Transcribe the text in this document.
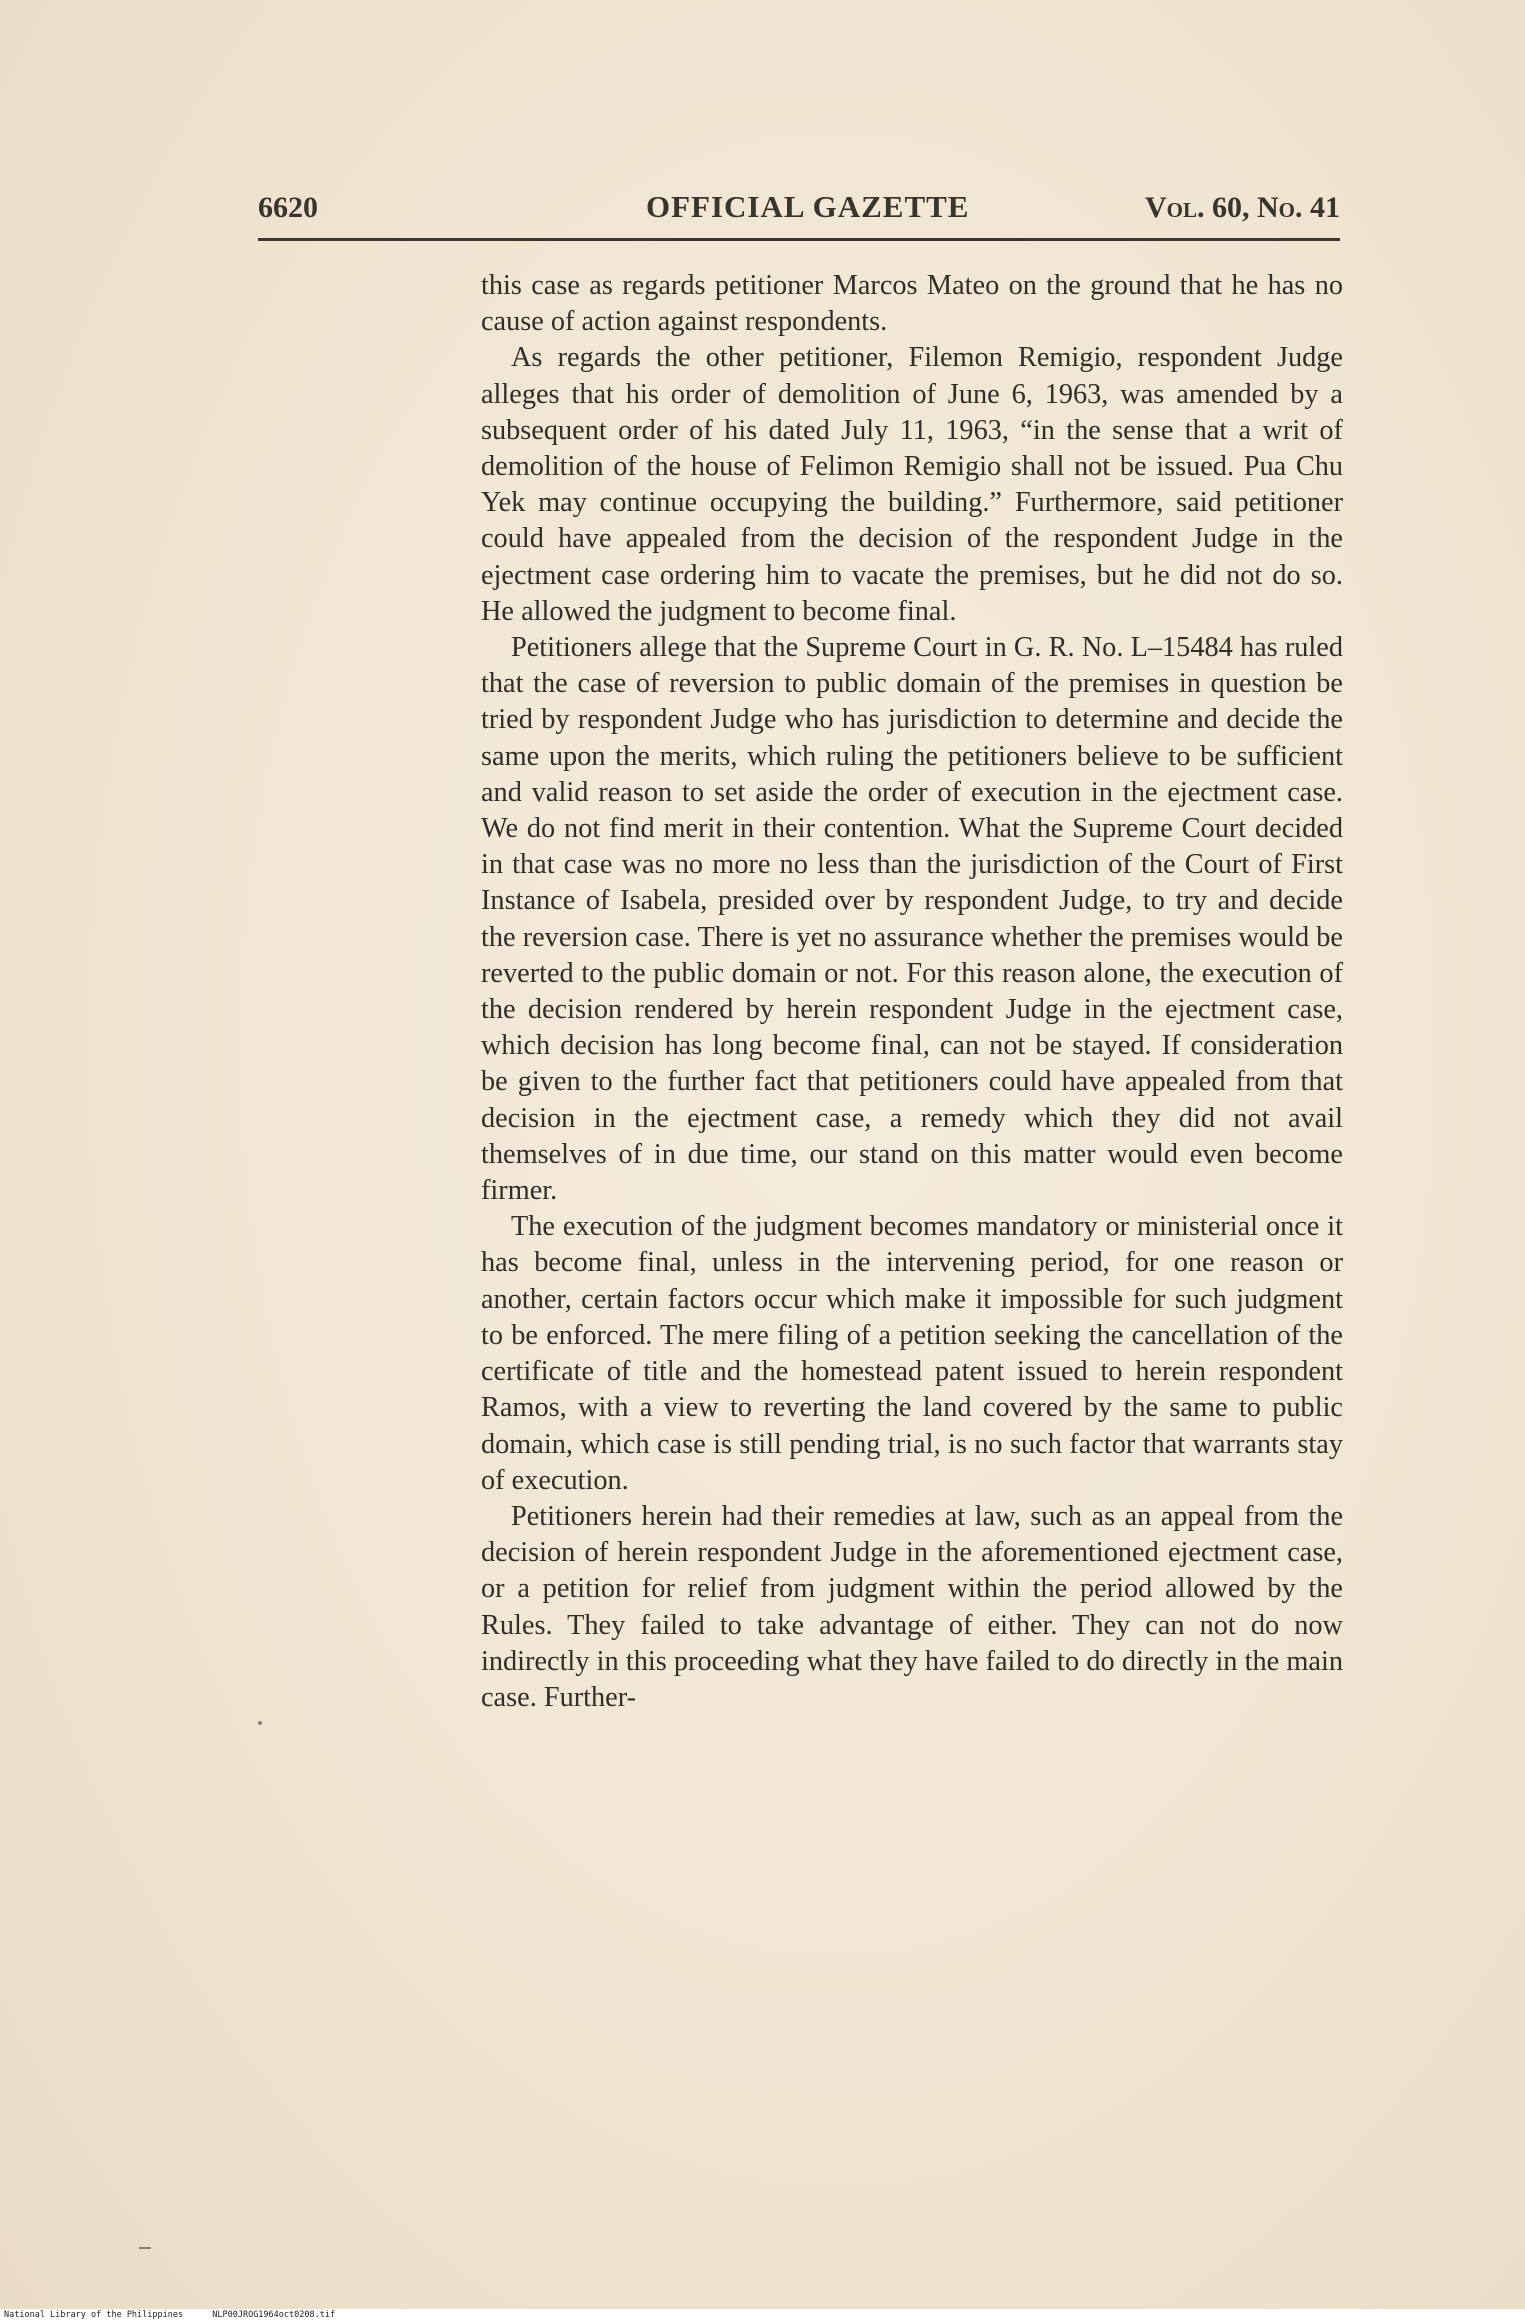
6620	OFFICIAL GAZETTE	Vol. 60, No. 41

this case as regards petitioner Marcos Mateo on the ground that he has no cause of action against respondents.

As regards the other petitioner, Filemon Remigio, respondent Judge alleges that his order of demolition of June 6, 1963, was amended by a subsequent order of his dated July 11, 1963, “in the sense that a writ of demolition of the house of Felimon Remigio shall not be issued. Pua Chu Yek may continue occupying the building.” Furthermore, said petitioner could have appealed from the decision of the respondent Judge in the ejectment case ordering him to vacate the premises, but he did not do so. He allowed the judgment to become final.

Petitioners allege that the Supreme Court in G. R. No. L–15484 has ruled that the case of reversion to public domain of the premises in question be tried by respondent Judge who has jurisdiction to determine and decide the same upon the merits, which ruling the petitioners believe to be sufficient and valid reason to set aside the order of execution in the ejectment case. We do not find merit in their contention. What the Supreme Court decided in that case was no more no less than the jurisdiction of the Court of First Instance of Isabela, presided over by respondent Judge, to try and decide the reversion case. There is yet no assurance whether the premises would be reverted to the public domain or not. For this reason alone, the execution of the decision rendered by herein respondent Judge in the ejectment case, which decision has long become final, can not be stayed. If consideration be given to the further fact that petitioners could have appealed from that decision in the ejectment case, a remedy which they did not avail themselves of in due time, our stand on this matter would even become firmer.

The execution of the judgment becomes mandatory or ministerial once it has become final, unless in the intervening period, for one reason or another, certain factors occur which make it impossible for such judgment to be enforced. The mere filing of a petition seeking the cancellation of the certificate of title and the homestead patent issued to herein respondent Ramos, with a view to reverting the land covered by the same to public domain, which case is still pending trial, is no such factor that warrants stay of execution.

Petitioners herein had their remedies at law, such as an appeal from the decision of herein respondent Judge in the aforementioned ejectment case, or a petition for relief from judgment within the period allowed by the Rules. They failed to take advantage of either. They can not do now indirectly in this proceeding what they have failed to do directly in the main case. Further-

National Library of the Philippines	NLP00JROG1964oct0208.tif
